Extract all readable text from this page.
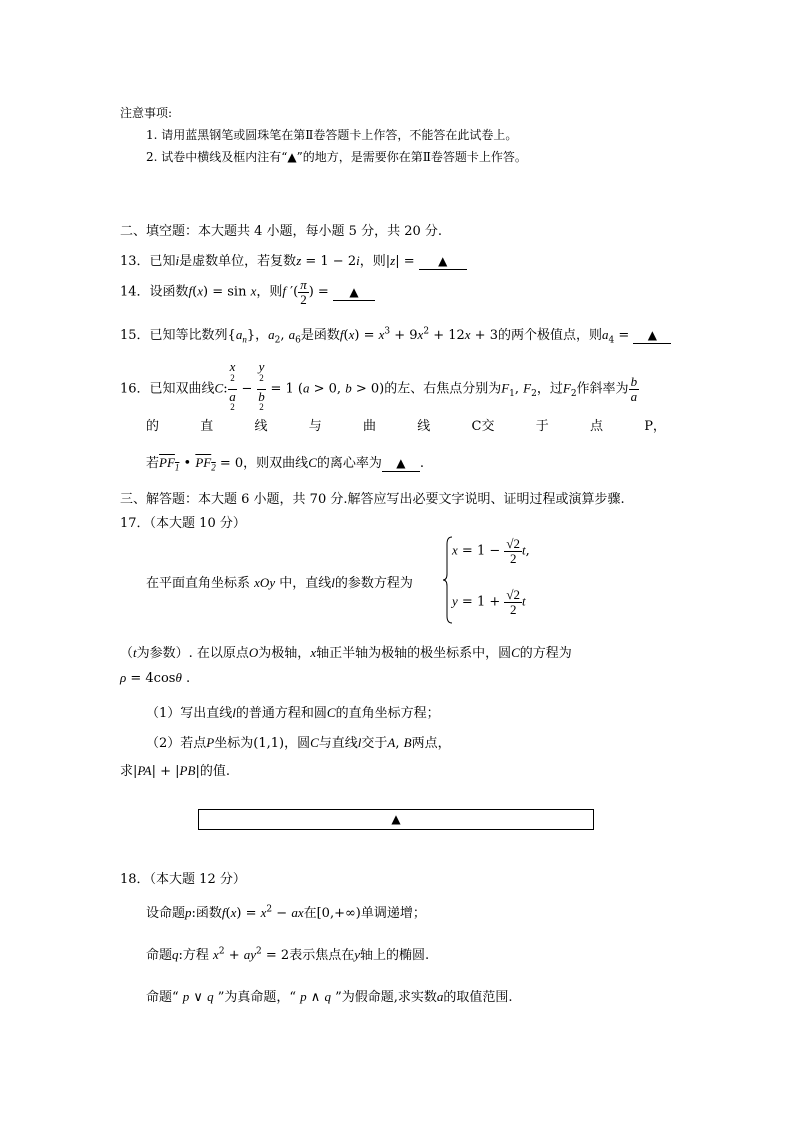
注意事项:
1. 请用蓝黑钢笔或圆珠笔在第Ⅱ卷答题卡上作答，不能答在此试卷上。
2. 试卷中横线及框内注有“▲”的地方，是需要你在第Ⅱ卷答题卡上作答。
二、填空题：本大题共 4 小题，每小题 5 分，共 20 分.
13．已知i是虚数单位，若复数z = 1 − 2i，则|z| = ▲
14．设函数f(x) = sin x，则f ′( $\frac{\pi}{2}$ ) = ▲
15．已知等比数列$\{a_n\}$，$a_2$, $a_6$是函数$f(x) = x^3 + 9x^2 + 12x + 3$的两个极值点，则$a_4$ = ▲
16．已知双曲线C: x
$^2$
a
$^2$ − y
$^2$
b
$^2$ = 1 (a > 0, b > 0)的左、右焦点分别为$F_1$, $F_2$，过$F_2$作斜率为 $\frac{b}{a}$
的	直	线	与	曲	线	C交	于	点	P，
若$PF_1$ • $PF_2 = 0$，则双曲线C的离心率为 ▲ .
三、解答题：本大题 6 小题，共 70 分.解答应写出必要文字说明、证明过程或演算步骤.
17．（本大题 10 分）
在平面直角坐标系 xOy 中，直线l的参数方程为
$x = 1 - \frac{√2}{2} t$,
$y = 1 + \frac{√2}{2}$ t
（t为参数）. 在以原点O为极轴，x轴正半轴为极轴的极坐标系中，圆C的方程为
ρ = 4cosθ .
（1）写出直线l的普通方程和圆C的直角坐标方程；
（2）若点P坐标为(1,1)，圆C与直线l交于A, B两点，
求|PA| + |PB|的值.
▲
18．（本大题 12 分）
设命题p:函数$f(x) = x^2$ − ax在[0,+∞)单调递增；
命题q:方程 $x^2 + ay^2 = 2$表示焦点在y轴上的椭圆.
命题“ p ∨ q ”为真命题，“ p ∧ q ”为假命题,求实数a的取值范围.
